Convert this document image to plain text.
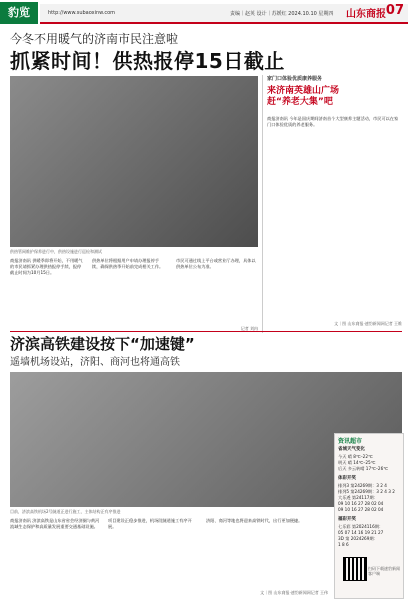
豹览	http://www.subaoxinw.com	责编｜赵英 设计｜苏媛红 2024.10.10 星期四 山东商报 07
今冬不用暖气的济南市民注意啦
抓紧时间！供热报停15日截止
供热管网维护保养进行中，供热设施进行巡检和测试
商报济南讯 供暖季即将开始，不用暖气的市民请抓紧办理供热报停手续，报停截止时间为10月15日。
供热单位将根据用户申请办理报停手续，确保供热季开始前完成相关工作。
市民可通过线上平台或营业厅办理，具体以供热单位公布为准。
记者 刘冉
家门口体验优质康养服务
来济南英雄山广场
赶“养老大集”吧
商报济南讯 今年是国庆期间济南首个大型康养主题活动，市民可以在家门口体验优质的养老服务。
文｜图 山东商报·速豹新闻网记者 王维
济滨高铁建设按下“加速键”
遥墙机场设站，济阳、商河也将通高铁
目前，济滨高铁机场2号隧道正进行施工，主体结构正有序推进
商报济南讯 济滨高铁是山东省省会经济圈与黄河流域生态保护和高质量发展重要交通基础设施。
项目建设正稳步推进，机场段隧道施工有序开展。
济阳、商河等地也将迎来高铁时代，出行更加便捷。
文｜图 山东商报·速豹新闻网记者 王伟
资讯超市
省城天气变化
今天 晴 8℃–22℃
明天 晴 14℃–25℃
后天 多云转晴 17℃–26℃
体彩开奖
排列3 第24269期：3 2 4
排列5 第24269期：3 2 4 3 2
大乐透 第24117期：
09 10 16 27 28 02 04
09 10 16 27 28 02 04
福彩开奖
七乐彩 第2024116期：
05 07 14 16 19 21 27
3D 第 2024269期：
1 8 6
扫码下载速豹新闻客户端
